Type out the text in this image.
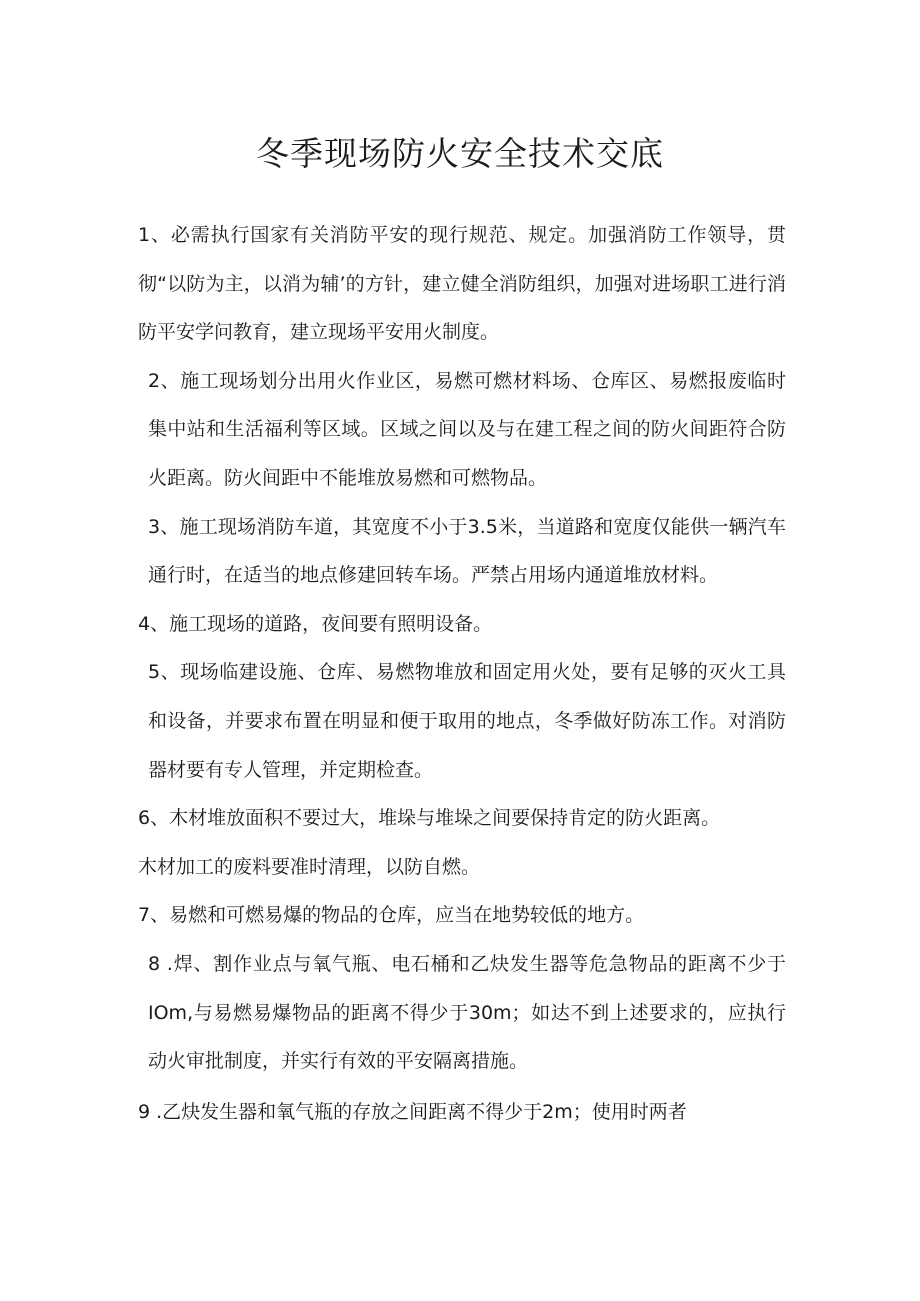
冬季现场防火安全技术交底

1、必需执行国家有关消防平安的现行规范、规定。加强消防工作领导，贯彻“以防为主，以消为辅’的方针，建立健全消防组织，加强对进场职工进行消防平安学问教育，建立现场平安用火制度。

2、施工现场划分出用火作业区，易燃可燃材料场、仓库区、易燃报废临时集中站和生活福利等区域。区域之间以及与在建工程之间的防火间距符合防火距离。防火间距中不能堆放易燃和可燃物品。

3、施工现场消防车道，其宽度不小于3.5米，当道路和宽度仅能供一辆汽车通行时，在适当的地点修建回转车场。严禁占用场内通道堆放材料。

4、施工现场的道路，夜间要有照明设备。

5、现场临建设施、仓库、易燃物堆放和固定用火处，要有足够的灭火工具和设备，并要求布置在明显和便于取用的地点，冬季做好防冻工作。对消防器材要有专人管理，并定期检查。

6、木材堆放面积不要过大，堆垛与堆垛之间要保持肯定的防火距离。

木材加工的废料要准时清理，以防自燃。

7、易燃和可燃易爆的物品的仓库，应当在地势较低的地方。

8 .焊、割作业点与氧气瓶、电石桶和乙炔发生器等危急物品的距离不少于IOm,与易燃易爆物品的距离不得少于30m；如达不到上述要求的，应执行动火审批制度，并实行有效的平安隔离措施。

9 .乙炔发生器和氧气瓶的存放之间距离不得少于2m；使用时两者
